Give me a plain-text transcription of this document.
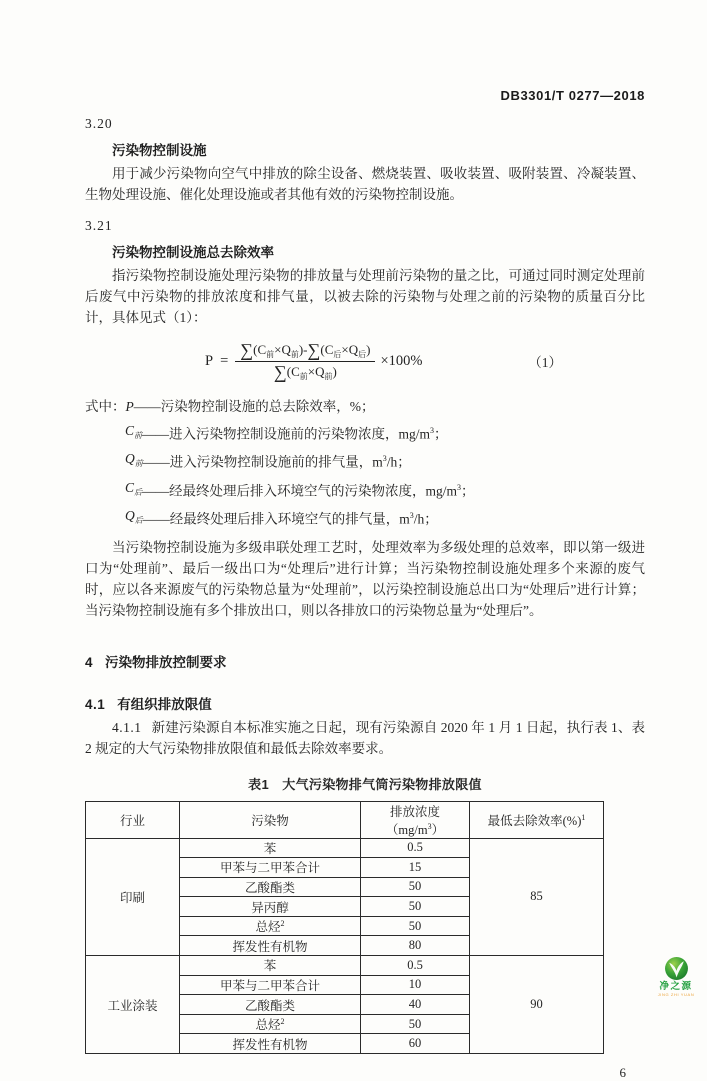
DB3301/T 0277—2018
3.20
污染物控制设施

用于减少污染物向空气中排放的除尘设备、燃烧装置、吸收装置、吸附装置、冷凝装置、生物处理设施、催化处理设施或者其他有效的污染物控制设施。

3.21
污染物控制设施总去除效率

指污染物控制设施处理污染物的排放量与处理前污染物的量之比，可通过同时测定处理前后废气中污染物的排放浓度和排气量，以被去除的污染物与处理之前的污染物的质量百分比计，具体见式（1）：

$P = \frac{\sum(C_前\times Q_前)-\sum(C_后\times Q_后)}{\sum(C_前\times Q_前)} \times 100\%$	（1）
式中： P ——污染物控制设施的总去除效率，%；
$C_前$ ——进入污染物控制设施前的污染物浓度，$mg/m^3$；
$Q_前$ ——进入污染物控制设施前的排气量，$m^3/h$；
$C_后$ ——经最终处理后排入环境空气的污染物浓度，$mg/m^3$；
$Q_后$ ——经最终处理后排入环境空气的排气量，$m^3/h$；

当污染物控制设施为多级串联处理工艺时，处理效率为多级处理的总效率，即以第一级进口为“处理前”、最后一级出口为“处理后”进行计算；当污染物控制设施处理多个来源的废气时，应以各来源废气的污染物总量为“处理前”，以污染控制设施总出口为“处理后”进行计算；当污染物控制设施有多个排放出口，则以各排放口的污染物总量为“处理后”。

4 污染物排放控制要求
4.1 有组织排放限值

4.1.1 新建污染源自本标准实施之日起，现有污染源自 2020 年 1 月 1 日起，执行表 1、表 2 规定的大气污染物排放限值和最低去除效率要求。

表1　大气污染物排气筒污染物排放限值
行业	污染物	排放浓度$(mg/m^3)$	最低去除效率(%)$^1$
印刷	苯	0.5	85
	甲苯与二甲苯合计	15	
	乙酸酯类	50	
	异丙醇	50	
	总烃$^2$	50	
	挥发性有机物	80	
工业涂装	苯	0.5	90
	甲苯与二甲苯合计	10	
	乙酸酯类	40	
	总烃$^2$	50	
	挥发性有机物	60	
6
净之源
JING ZHI YUAN
